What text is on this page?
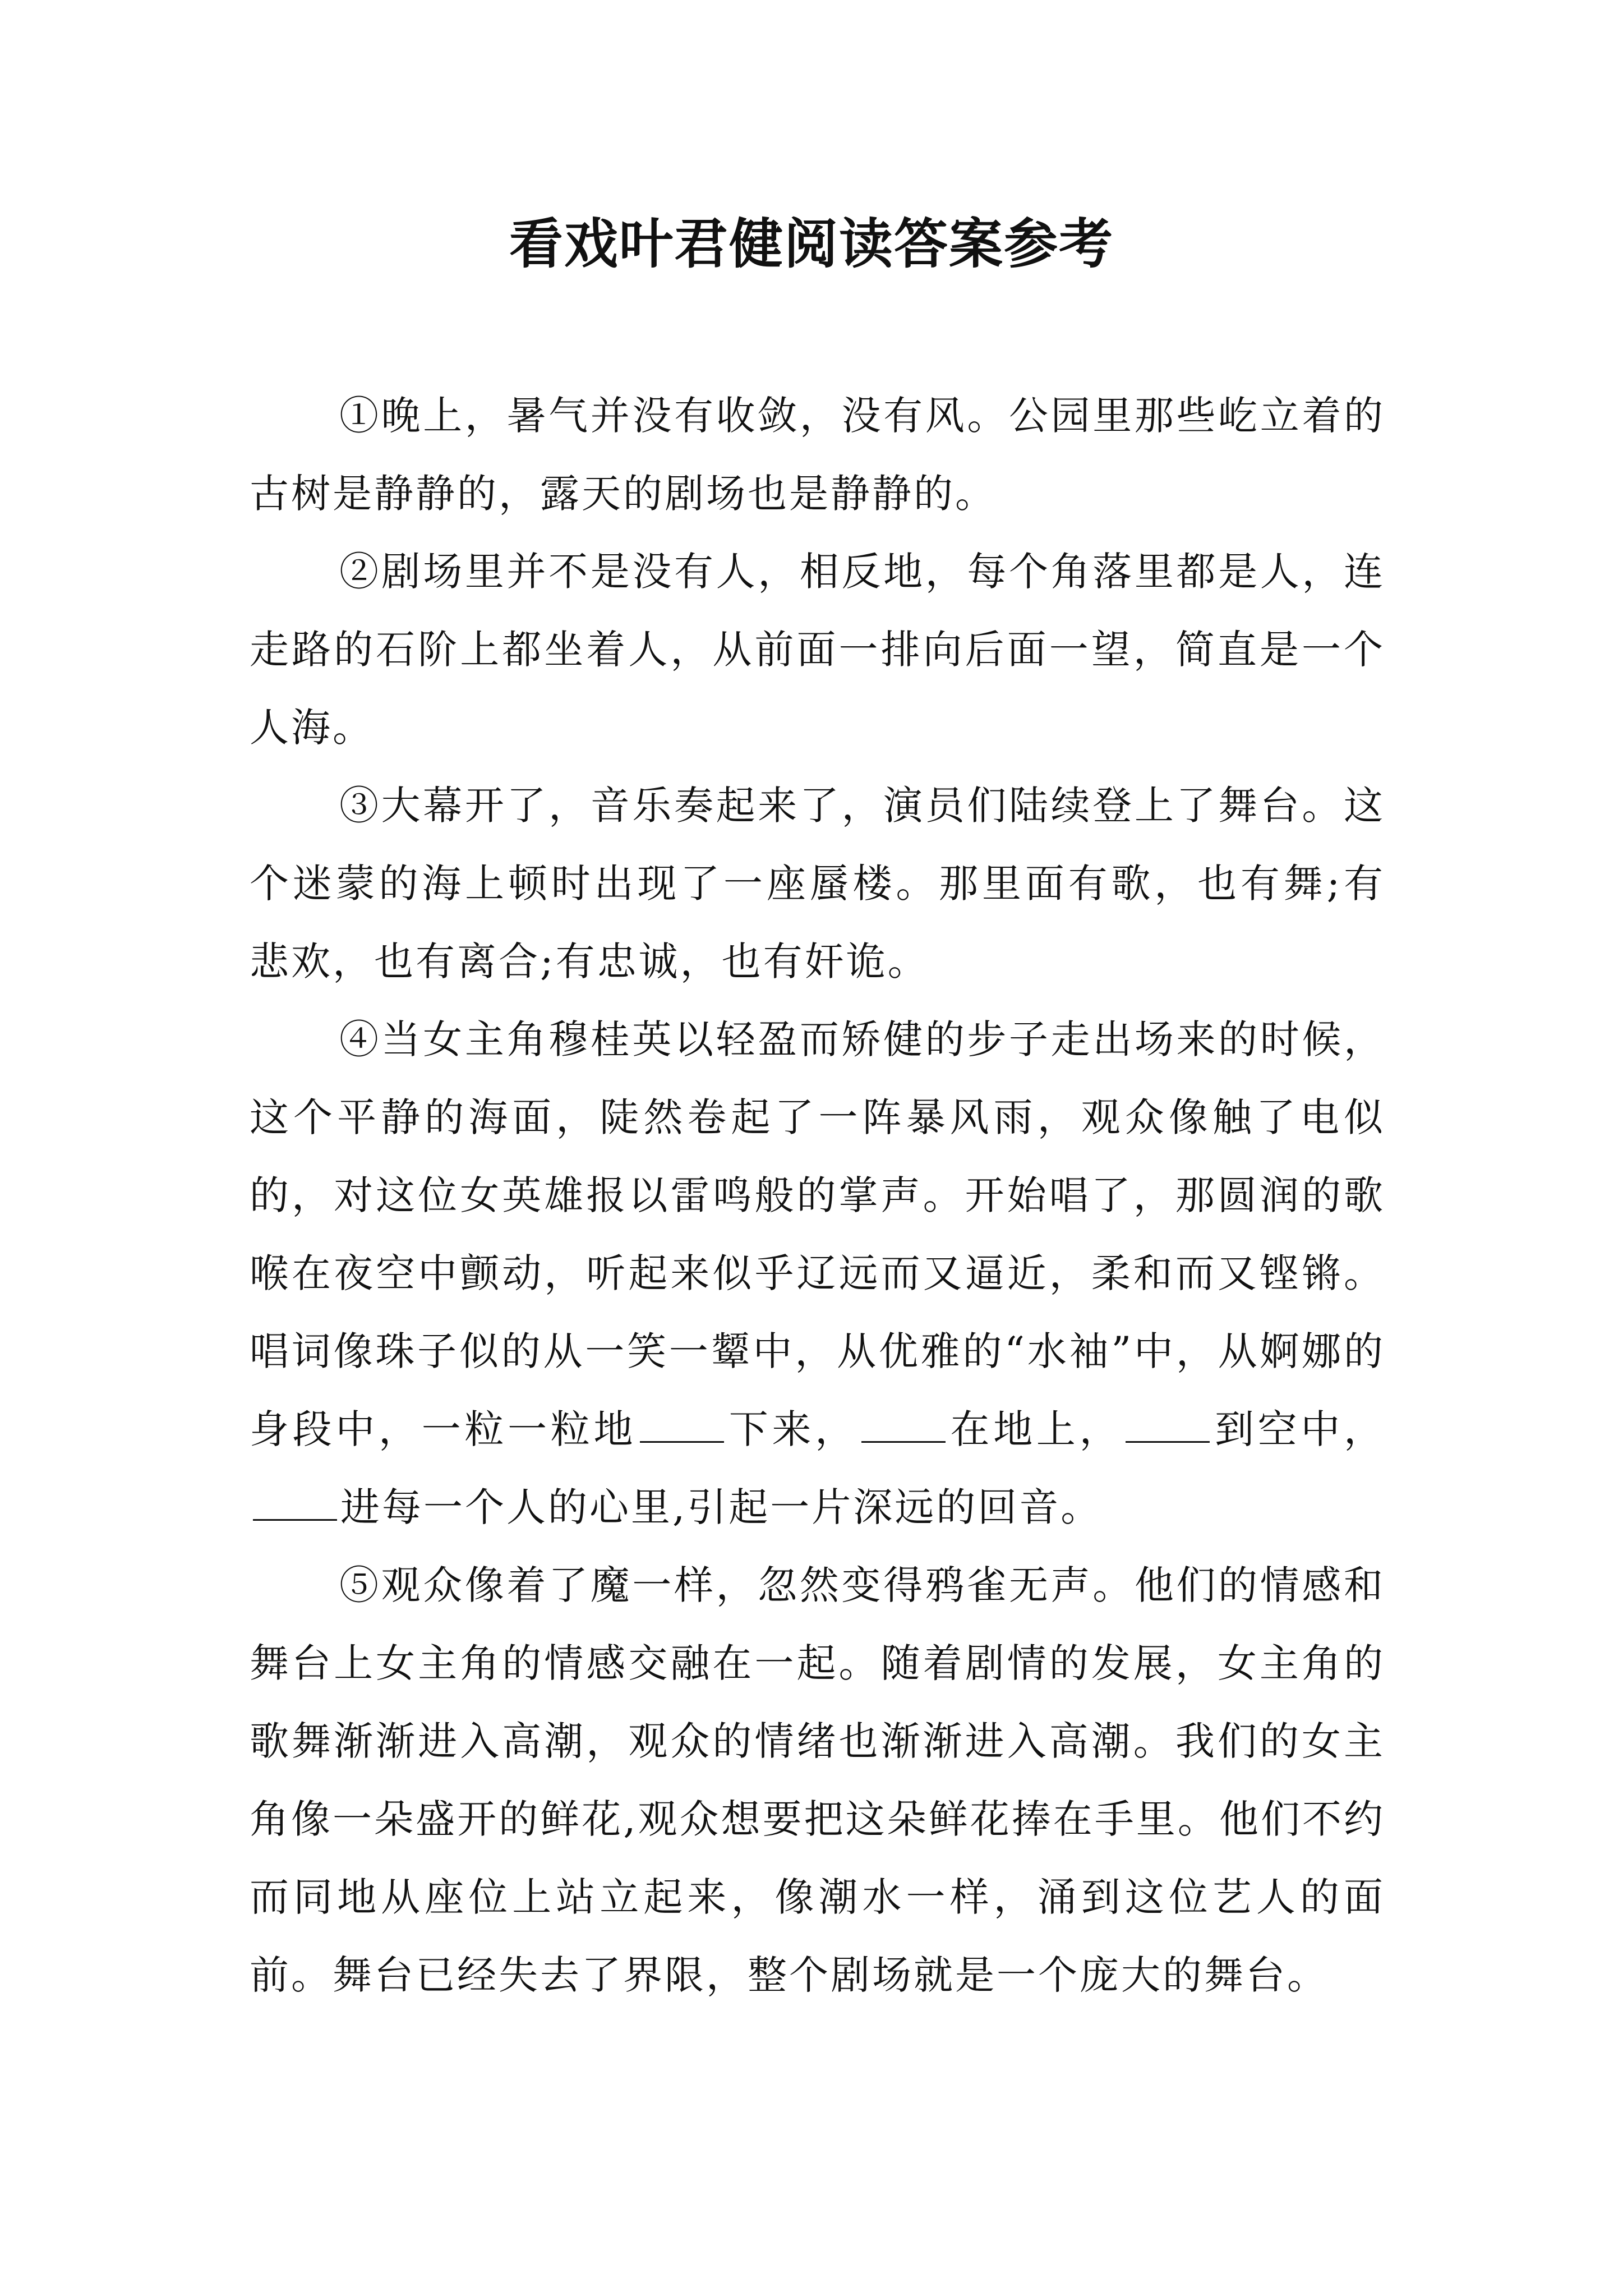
看戏叶君健阅读答案参考

①晚上，暑气并没有收敛，没有风。公园里那些屹立着的古树是静静的，露天的剧场也是静静的。

②剧场里并不是没有人，相反地，每个角落里都是人，连走路的石阶上都坐着人，从前面一排向后面一望，简直是一个人海。

③大幕开了，音乐奏起来了，演员们陆续登上了舞台。这个迷蒙的海上顿时出现了一座蜃楼。那里面有歌，也有舞;有悲欢，也有离合;有忠诚，也有奸诡。

④当女主角穆桂英以轻盈而矫健的步子走出场来的时候，这个平静的海面，陡然卷起了一阵暴风雨，观众像触了电似的，对这位女英雄报以雷鸣般的掌声。开始唱了，那圆润的歌喉在夜空中颤动，听起来似乎辽远而又逼近，柔和而又铿锵。唱词像珠子似的从一笑一颦中，从优雅的“水袖”中，从婀娜的身段中，一粒一粒地 下来， 在地上， 到空中，进每一个人的心里,引起一片深远的回音。

⑤观众像着了魔一样，忽然变得鸦雀无声。他们的情感和舞台上女主角的情感交融在一起。随着剧情的发展，女主角的歌舞渐渐进入高潮，观众的情绪也渐渐进入高潮。我们的女主角像一朵盛开的鲜花,观众想要把这朵鲜花捧在手里。他们不约而同地从座位上站立起来，像潮水一样，涌到这位艺人的面前。舞台已经失去了界限，整个剧场就是一个庞大的舞台。
